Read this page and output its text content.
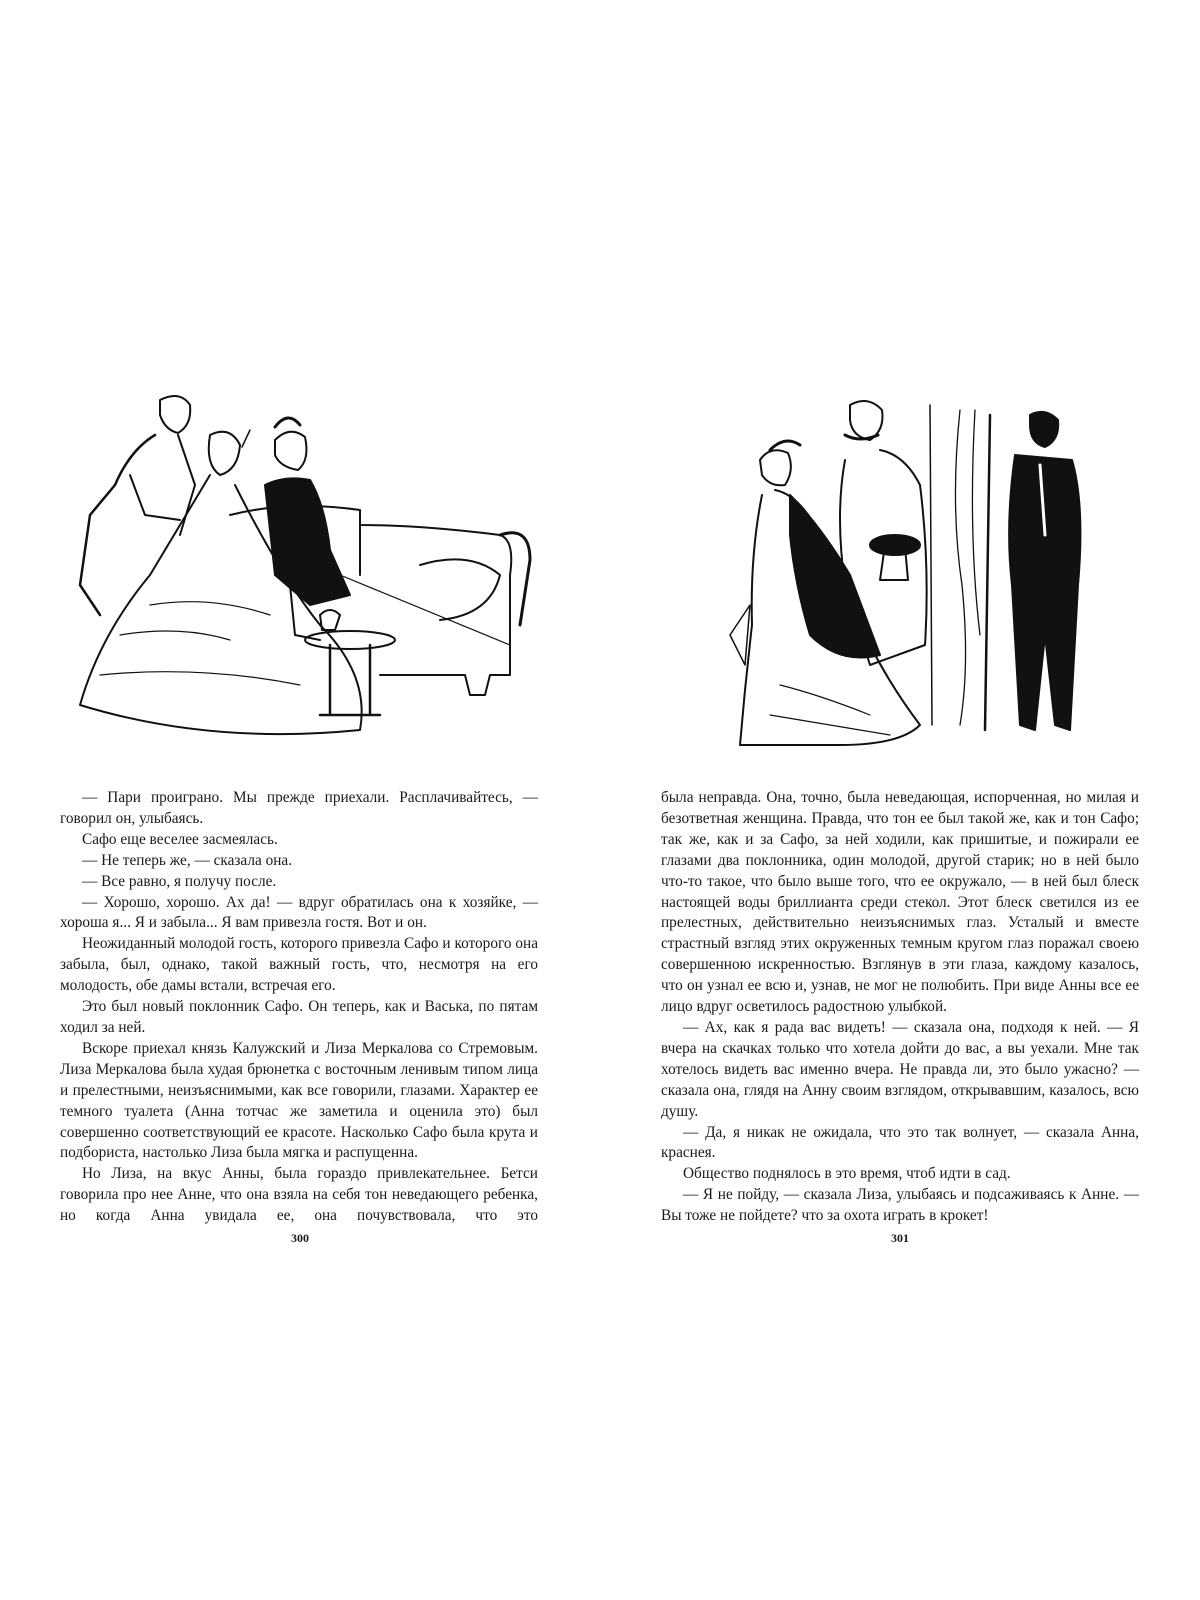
— Пари проиграно. Мы прежде приехали. Расплачивайтесь, — говорил он, улыбаясь.

Сафо еще веселее засмеялась.

— Не теперь же, — сказала она.

— Все равно, я получу после.

— Хорошо, хорошо. Ах да! — вдруг обратилась она к хозяйке, — хороша я... Я и забыла... Я вам привезла гостя. Вот и он.

Неожиданный молодой гость, которого привезла Сафо и которого она забыла, был, однако, такой важный гость, что, несмотря на его молодость, обе дамы встали, встречая его.

Это был новый поклонник Сафо. Он теперь, как и Васька, по пятам ходил за ней.

Вскоре приехал князь Калужский и Лиза Меркалова со Стремовым. Лиза Меркалова была худая брюнетка с восточным ленивым типом лица и прелестными, неизъяснимыми, как все говорили, глазами. Характер ее темного туалета (Анна тотчас же заметила и оценила это) был совершенно соответствующий ее красоте. Насколько Сафо была крута и подбориста, настолько Лиза была мягка и распущенна.

Но Лиза, на вкус Анны, была гораздо привлекательнее. Бетси говорила про нее Анне, что она взяла на себя тон неведающего ребенка, но когда Анна увидала ее, она почувствовала, что это

300

была неправда. Она, точно, была неведающая, испорченная, но милая и безответная женщина. Правда, что тон ее был такой же, как и тон Сафо; так же, как и за Сафо, за ней ходили, как пришитые, и пожирали ее глазами два поклонника, один молодой, другой старик; но в ней было что-то такое, что было выше того, что ее окружало, — в ней был блеск настоящей воды бриллианта среди стекол. Этот блеск светился из ее прелестных, действительно неизъяснимых глаз. Усталый и вместе страстный взгляд этих окруженных темным кругом глаз поражал своею совершенною искренностью. Взглянув в эти глаза, каждому казалось, что он узнал ее всю и, узнав, не мог не полюбить. При виде Анны все ее лицо вдруг осветилось радостною улыбкой.

— Ах, как я рада вас видеть! — сказала она, подходя к ней. — Я вчера на скачках только что хотела дойти до вас, а вы уехали. Мне так хотелось видеть вас именно вчера. Не правда ли, это было ужасно? — сказала она, глядя на Анну своим взглядом, открывавшим, казалось, всю душу.

— Да, я никак не ожидала, что это так волнует, — сказала Анна, краснея.

Общество поднялось в это время, чтоб идти в сад.

— Я не пойду, — сказала Лиза, улыбаясь и подсаживаясь к Анне. — Вы тоже не пойдете? что за охота играть в крокет!

301
